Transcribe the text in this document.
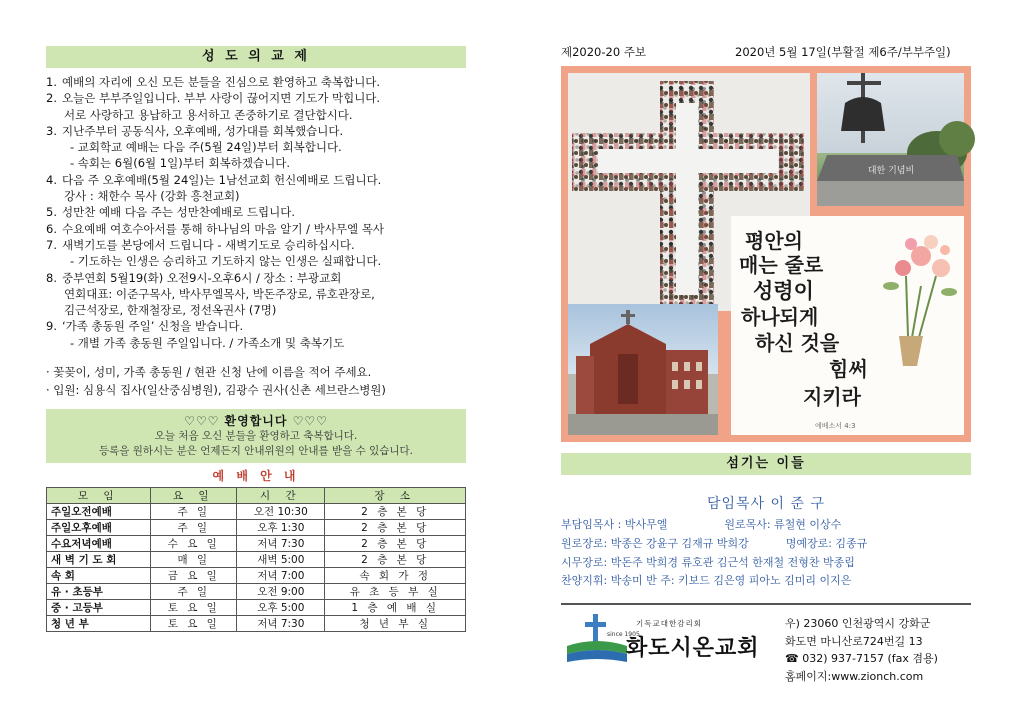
성 도 의 교 제
1. 예배의 자리에 오신 모든 분들을 진심으로 환영하고 축복합니다.
2. 오늘은 부부주일입니다. 부부 사랑이 끊어지면 기도가 막힙니다.
서로 사랑하고 용납하고 용서하고 존중하기로 결단합시다.
3. 지난주부터 공동식사, 오후예배, 성가대를 회복했습니다.
- 교회학교 예배는 다음 주(5월 24일)부터 회복합니다.
- 속회는 6월(6월 1일)부터 회복하겠습니다.
4. 다음 주 오후예배(5월 24일)는 1남선교회 헌신예배로 드립니다.
강사 : 채한수 목사 (강화 흥천교회)
5. 성만찬 예배 다음 주는 성만찬예배로 드립니다.
6. 수요예배 여호수아서를 통해 하나님의 마음 알기 / 박사무엘 목사
7. 새벽기도를 본당에서 드립니다 - 새벽기도로 승리하십시다.
- 기도하는 인생은 승리하고 기도하지 않는 인생은 실패합니다.
8. 중부연회 5월19(화) 오전9시-오후6시 / 장소 : 부광교회
연회대표: 이준구목사, 박사무엘목사, 박돈주장로, 류호관장로,
김근석장로, 한재철장로, 정선옥권사 (7명)
9. ‘가족 총동원 주일’ 신청을 받습니다.
- 개별 가족 총동원 주일입니다. / 가족소개 및 축복기도
· 꽃꽂이, 성미, 가족 총동원 / 현관 신청 난에 이름을 적어 주세요.
· 입원: 심용식 집사(일산중심병원), 김광수 권사(신촌 세브란스병원)
♡♡♡ 환영합니다 ♡♡♡
오늘 처음 오신 분들을 환영하고 축복합니다.
등록을 원하시는 분은 언제든지 안내위원의 안내를 받을 수 있습니다.
예 배 안 내
모 임	요 일	시 간	장 소
주일오전예배	주 일	오전 10:30	2 층 본 당
주일오후예배	주 일	오후 1:30	2 층 본 당
수요저녁예배	수 요 일	저녁 7:30	2 층 본 당
새 벽 기 도 회	매 일	새벽 5:00	2 층 본 당
속 회	금 요 일	저녁 7:00	속 회 가 정
유 · 초등부	주 일	오전 9:00	유 초 등 부 실
중 · 고등부	토 요 일	오후 5:00	1 층 예 배 실
청 년 부	토 요 일	저녁 7:30	청 년 부 실
제2020-20 주보	2020년 5월 17일(부활절 제6주/부부주일)
대한 기념비
평안의
매는 줄로
성령이
하나되게
하신 것을
힘써
지키라
에베소서 4:3
섬기는 이들
담임목사 이 준 구
부담임목사 : 박사무엘	원로목사: 류철현 이상수
원로장로: 박종은 강윤구 김재규 박희강	명예장로: 김종규
시무장로: 박돈주 박희경 류호관 김근석 한재철 전형찬 박종립
찬양지휘: 박송미 반 주: 키보드 김은영 피아노 김미리 이지은
since 1905
기독교대한감리회
화도시온교회
우) 23060 인천광역시 강화군
화도면 마니산로724번길 13
☎ 032) 937-7157 (fax 겸용)
홈페이지:www.zionch.com
